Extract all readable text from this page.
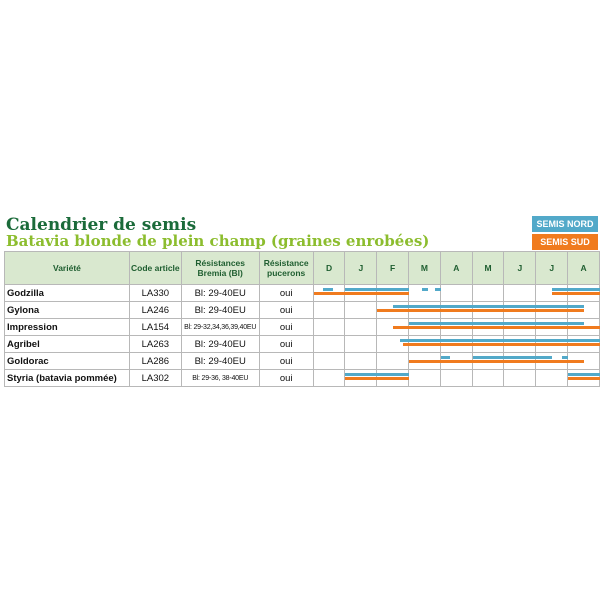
Calendrier de semis
Batavia blonde de plein champ (graines enrobées)
SEMIS NORD
SEMIS SUD
Variété	Code article	Résistances Bremia (Bl)	Résistance pucerons	D	J	F	M	A	M	J	J	A
Godzilla	LA330	Bl: 29-40EU	oui	

Gylona	LA246	Bl: 29-40EU	oui	

Impression	LA154	Bl: 29-32,34,36,39,40EU	oui	

Agribel	LA263	Bl: 29-40EU	oui	

Goldorac	LA286	Bl: 29-40EU	oui	

Styria (batavia pommée)	LA302	Bl: 29-36, 38-40EU	oui	
